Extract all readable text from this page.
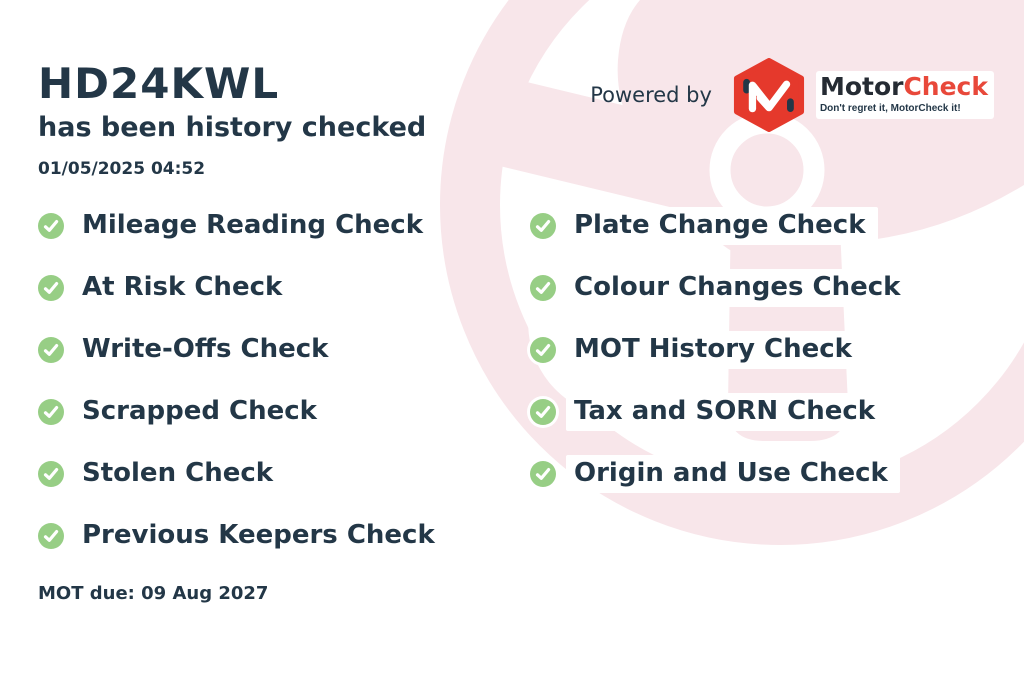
HD24KWL
has been history checked
01/05/2025 04:52
Powered by	MotorCheck
Don't regret it, MotorCheck it!
Mileage Reading Check
At Risk Check
Write-Offs Check
Scrapped Check
Stolen Check
Previous Keepers Check
Plate Change Check
Colour Changes Check
MOT History Check
Tax and SORN Check
Origin and Use Check
MOT due: 09 Aug 2027
